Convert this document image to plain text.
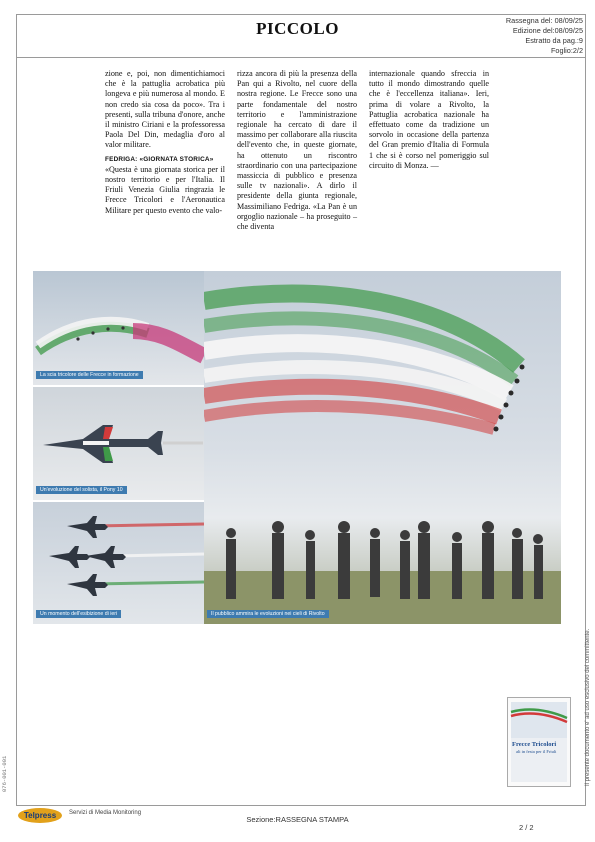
PICCOLO	Rassegna del: 08/09/25
Edizione del:08/09/25
Estratto da pag.:9
Foglio:2/2

zione e, poi, non dimentichiamoci che è la pattuglia acrobatica più longeva e più numerosa al mondo. E non credo sia cosa da poco». Tra i presenti, sulla tribuna d'onore, anche il ministro Ciriani e la professoressa Paola Del Din, medaglia d'oro al valor militare.

FEDRIGA: «GIORNATA STORICA»

«Questa è una giornata storica per il nostro territorio e per l'Italia. Il Friuli Venezia Giulia ringrazia le Frecce Tricolori e l'Aeronautica Militare per questo evento che valo-

rizza ancora di più la presenza della Pan qui a Rivolto, nel cuore della nostra regione. Le Frecce sono una parte fondamentale del nostro territorio e l'amministrazione regionale ha cercato di dare il massimo per collaborare alla riuscita dell'evento che, in queste giornate, ha ottenuto un riscontro straordinario con una partecipazione massiccia di pubblico e presenza sulle tv nazionali». A dirlo il presidente della giunta regionale, Massimiliano Fedriga. «La Pan è un orgoglio nazionale – ha proseguito – che diventa

internazionale quando sfreccia in tutto il mondo dimostrando quelle che è l'eccellenza italiana». Ieri, prima di volare a Rivolto, la Pattuglia acrobatica nazionale ha effettuato come da tradizione un sorvolo in occasione della partenza del Gran premio d'Italia di Formula 1 che si è corso nel pomeriggio sul circuito di Monza. —

La scia tricolore delle Frecce in formazione
Un'evoluzione del solista, il Pony 10
Un momento dell'esibizione di ieri	Il pubblico ammira le evoluzioni nei cieli di Rivolto
Frecce Tricolori
ali in festa per il Friuli	Il presente documento e' ad uso esclusivo del committente.
076-001-001
Telpress	Servizi di Media Monitoring
Sezione:RASSEGNA STAMPA
2 / 2
